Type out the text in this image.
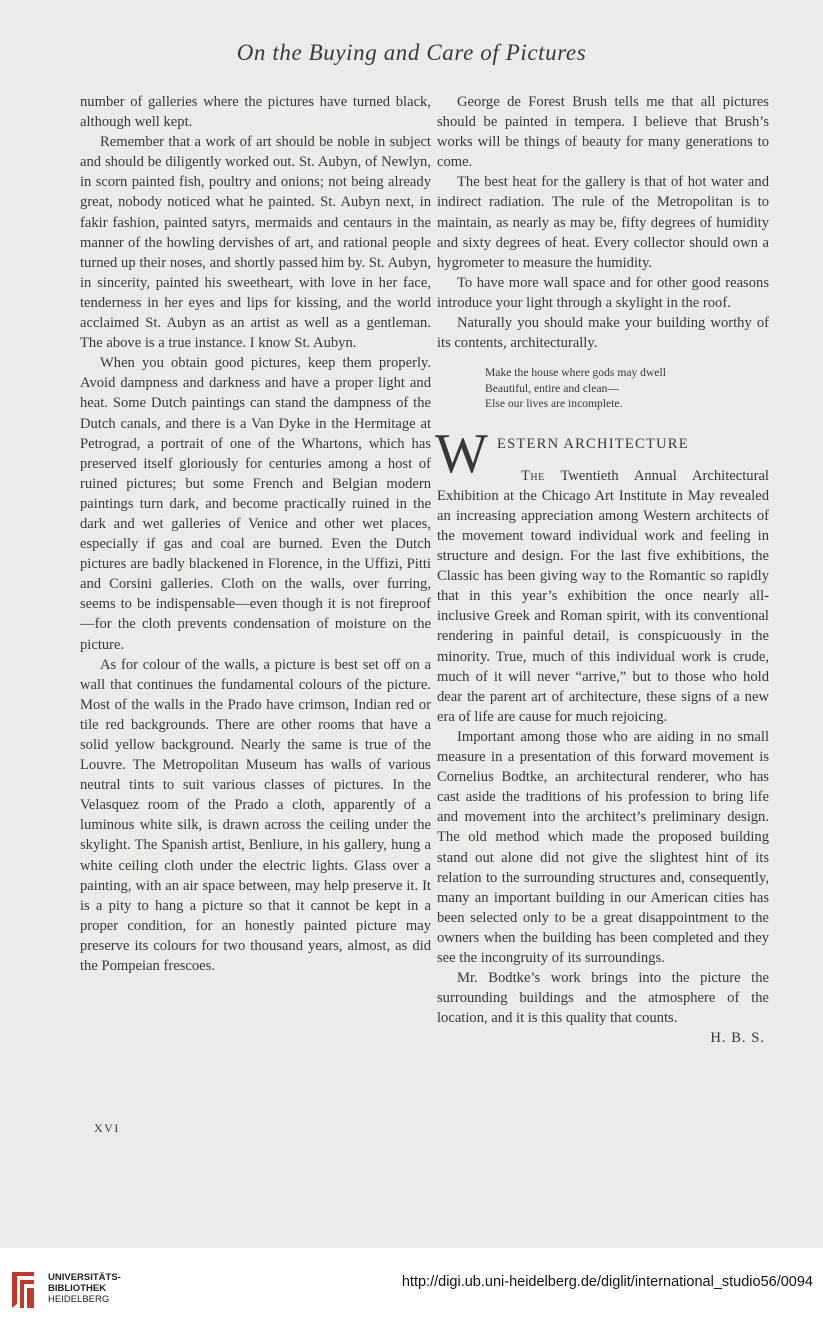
On the Buying and Care of Pictures

number of galleries where the pictures have turned black, although well kept.

Remember that a work of art should be noble in subject and should be diligently worked out. St. Aubyn, of Newlyn, in scorn painted fish, poultry and onions; not being already great, nobody noticed what he painted. St. Aubyn next, in fakir fashion, painted satyrs, mermaids and centaurs in the manner of the howling dervishes of art, and rational people turned up their noses, and shortly passed him by. St. Aubyn, in sincerity, painted his sweetheart, with love in her face, tenderness in her eyes and lips for kissing, and the world acclaimed St. Aubyn as an artist as well as a gentleman. The above is a true instance. I know St. Aubyn.

When you obtain good pictures, keep them properly. Avoid dampness and darkness and have a proper light and heat. Some Dutch paintings can stand the dampness of the Dutch canals, and there is a Van Dyke in the Hermitage at Petrograd, a portrait of one of the Whartons, which has preserved itself gloriously for centuries among a host of ruined pictures; but some French and Belgian modern paintings turn dark, and become practically ruined in the dark and wet galleries of Venice and other wet places, especially if gas and coal are burned. Even the Dutch pictures are badly blackened in Florence, in the Uffizi, Pitti and Corsini galleries. Cloth on the walls, over furring, seems to be indispensable—even though it is not fireproof—for the cloth prevents condensation of moisture on the picture.

As for colour of the walls, a picture is best set off on a wall that continues the fundamental colours of the picture. Most of the walls in the Prado have crimson, Indian red or tile red backgrounds. There are other rooms that have a solid yellow background. Nearly the same is true of the Louvre. The Metropolitan Museum has walls of various neutral tints to suit various classes of pictures. In the Velasquez room of the Prado a cloth, apparently of a luminous white silk, is drawn across the ceiling under the skylight. The Spanish artist, Benliure, in his gallery, hung a white ceiling cloth under the electric lights. Glass over a painting, with an air space between, may help preserve it. It is a pity to hang a picture so that it cannot be kept in a proper condition, for an honestly painted picture may preserve its colours for two thousand years, almost, as did the Pompeian frescoes.

George de Forest Brush tells me that all pictures should be painted in tempera. I believe that Brush’s works will be things of beauty for many generations to come.

The best heat for the gallery is that of hot water and indirect radiation. The rule of the Metropolitan is to maintain, as nearly as may be, fifty degrees of humidity and sixty degrees of heat. Every collector should own a hygrometer to measure the humidity.

To have more wall space and for other good reasons introduce your light through a skylight in the roof.

Naturally you should make your building worthy of its contents, architecturally.

Make the house where gods may dwell
Beautiful, entire and clean—
Else our lives are incomplete.
W ESTERN ARCHITECTURE

The Twentieth Annual Architectural Exhibition at the Chicago Art Institute in May revealed an increasing appreciation among Western architects of the movement toward individual work and feeling in structure and design. For the last five exhibitions, the Classic has been giving way to the Romantic so rapidly that in this year’s exhibition the once nearly all-inclusive Greek and Roman spirit, with its conventional rendering in painful detail, is conspicuously in the minority. True, much of this individual work is crude, much of it will never “arrive,” but to those who hold dear the parent art of architecture, these signs of a new era of life are cause for much rejoicing.

Important among those who are aiding in no small measure in a presentation of this forward movement is Cornelius Bodtke, an architectural renderer, who has cast aside the traditions of his profession to bring life and movement into the architect’s preliminary design. The old method which made the proposed building stand out alone did not give the slightest hint of its relation to the surrounding structures and, consequently, many an important building in our American cities has been selected only to be a great disappointment to the owners when the building has been completed and they see the incongruity of its surroundings.

Mr. Bodtke’s work brings into the picture the surrounding buildings and the atmosphere of the location, and it is this quality that counts.

H. B. S.

XVI
UNIVERSITÄTS-
BIBLIOTHEK
HEIDELBERG
http://digi.ub.uni-heidelberg.de/diglit/international_studio56/0094
